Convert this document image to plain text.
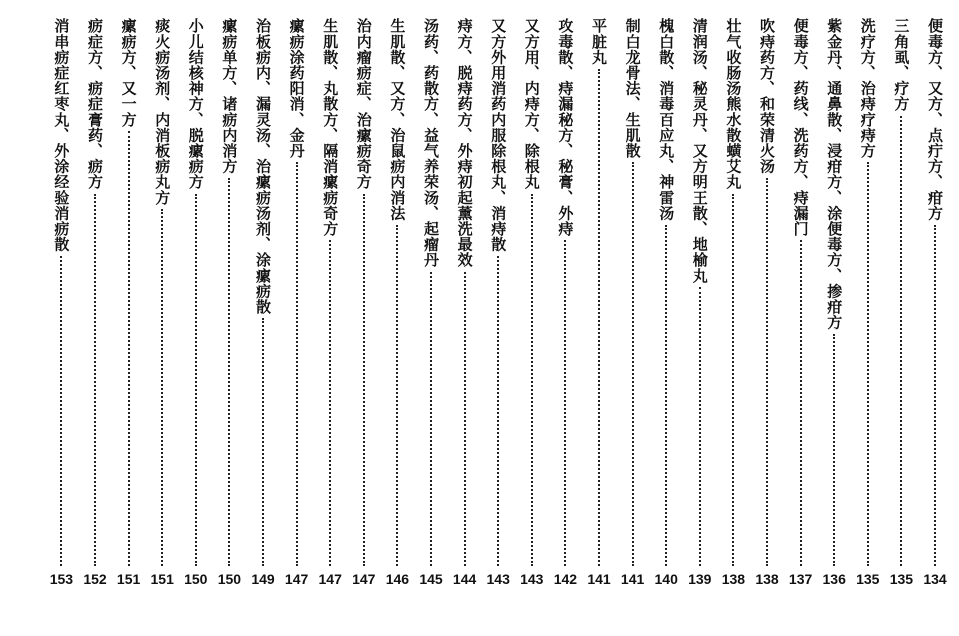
便毒方、又方、点疔方、疳方
134
三角虱、疗方
135
洗疗方、治痔疗痔方
135
紫金丹、通鼻散、浸疳方、涂便毒方、掺疳方
136
便毒方、药线、洗药方、痔漏门
137
吹痔药方、和荣清火汤
138
壮气收肠汤熊水散蟥艾丸
138
清润汤、秘灵丹、又方明王散、地榆丸
139
槐白散、消毒百应丸、神雷汤
140
制白龙骨法、生肌散
141
平脏丸
141
攻毒散、痔漏秘方、秘膏、外痔
142
又方用、内痔方、除根丸
143
又方外用消药内服除根丸、消痔散
143
痔方、脱痔药方、外痔初起薰洗最效
144
汤药、药散方、益气养荣汤、起瘤丹
145
生肌散、又方、治鼠疬内消法
146
治内瘤疬症、治瘰疬奇方
147
生肌散、丸散方、隔消瘰疬奇方
147
瘰疬涂药阳消、金丹
147
治板疬内、漏灵汤、治瘰疬汤剂、涂瘰疬散
149
瘰疬单方、诸疬内消方
150
小儿结核神方、脱瘰疬方
150
痰火疬汤剂、内消板疬丸方
151
瘰疬方、又一方
151
疬症方、疬症膏药、疬方
152
消串疬症红枣丸、外涂经验消疬散
153
